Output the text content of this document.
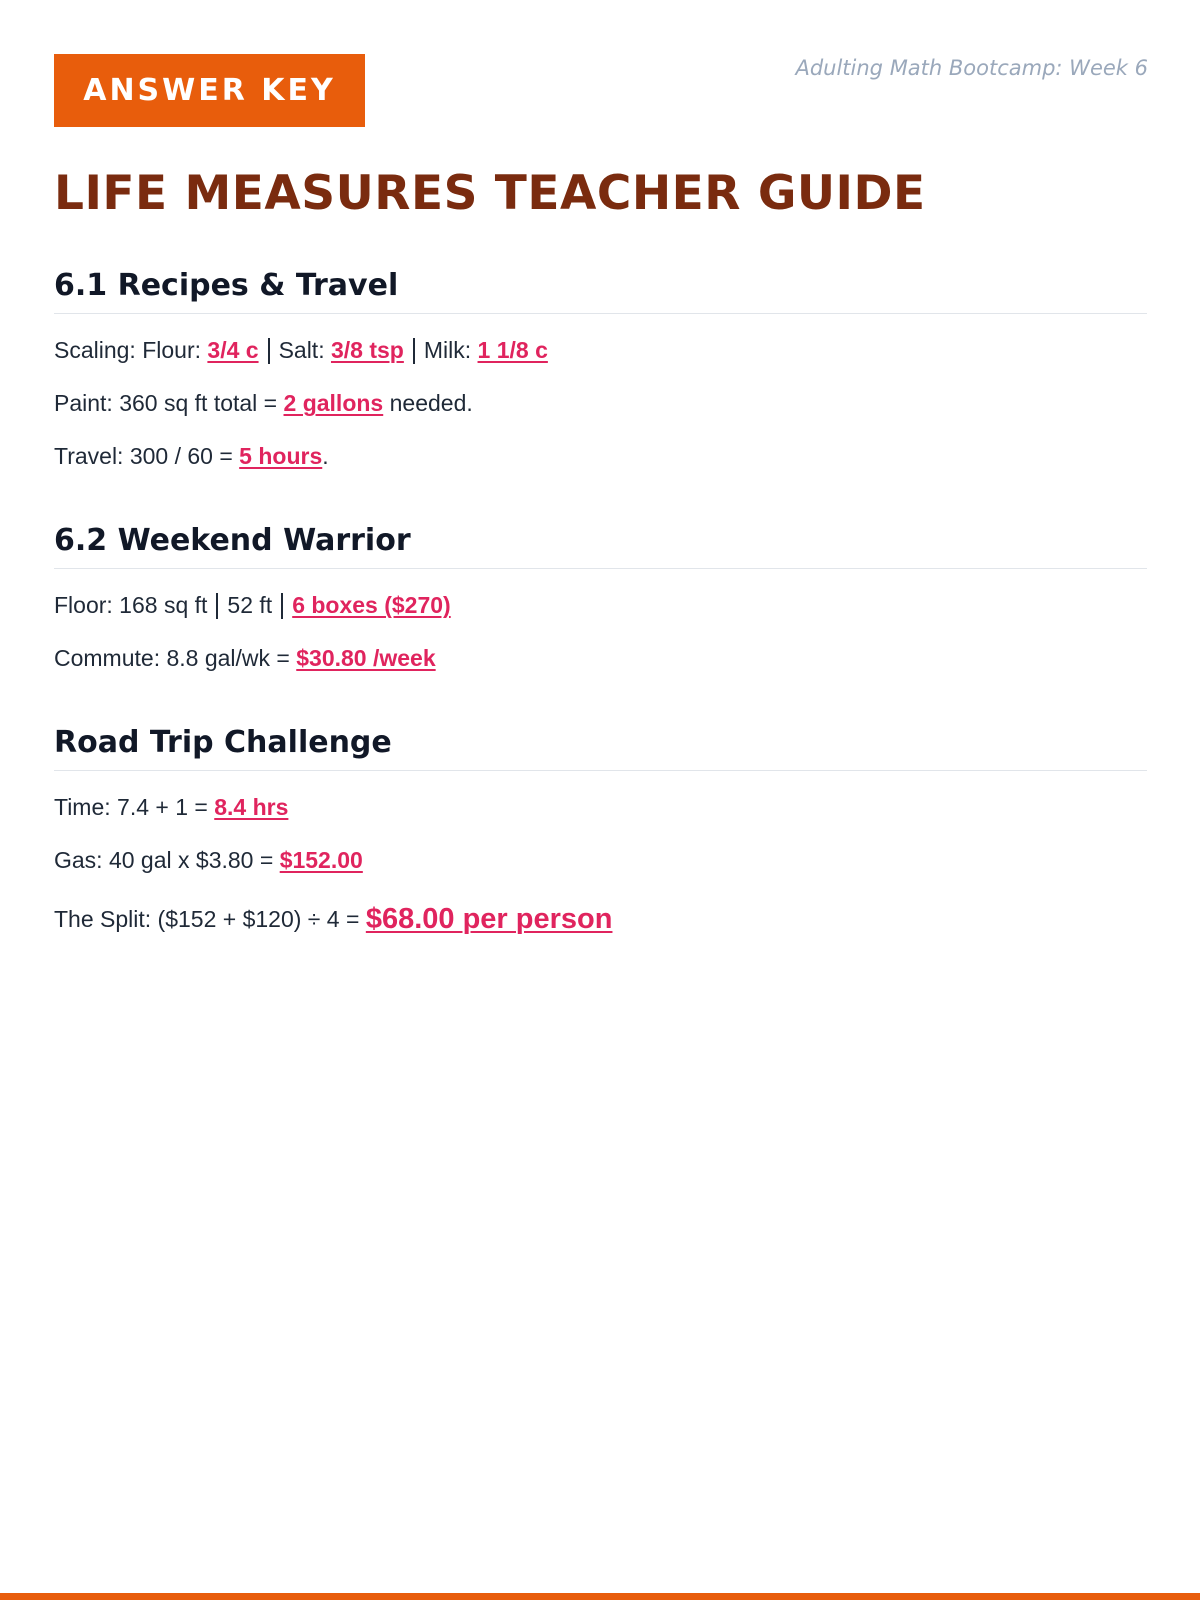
ANSWER KEY
Adulting Math Bootcamp: Week 6
LIFE MEASURES TEACHER GUIDE
6.1 Recipes & Travel

Scaling: Flour:
3/4 c Salt:
3/8 tsp Milk:
1 1/8 c

Paint: 360 sq ft total =
2 gallons
needed.

Travel: 300 / 60 =
5 hours .

6.2 Weekend Warrior

Floor: 168 sq ft 52 ft 6 boxes ($270)

Commute: 8.8 gal/wk =
$30.80 /week

Road Trip Challenge

Time: 7.4 + 1 =
8.4 hrs

Gas: 40 gal x $3.80 =
$152.00

The Split: ($152 + $120) ÷ 4 =
$68.00 per person
